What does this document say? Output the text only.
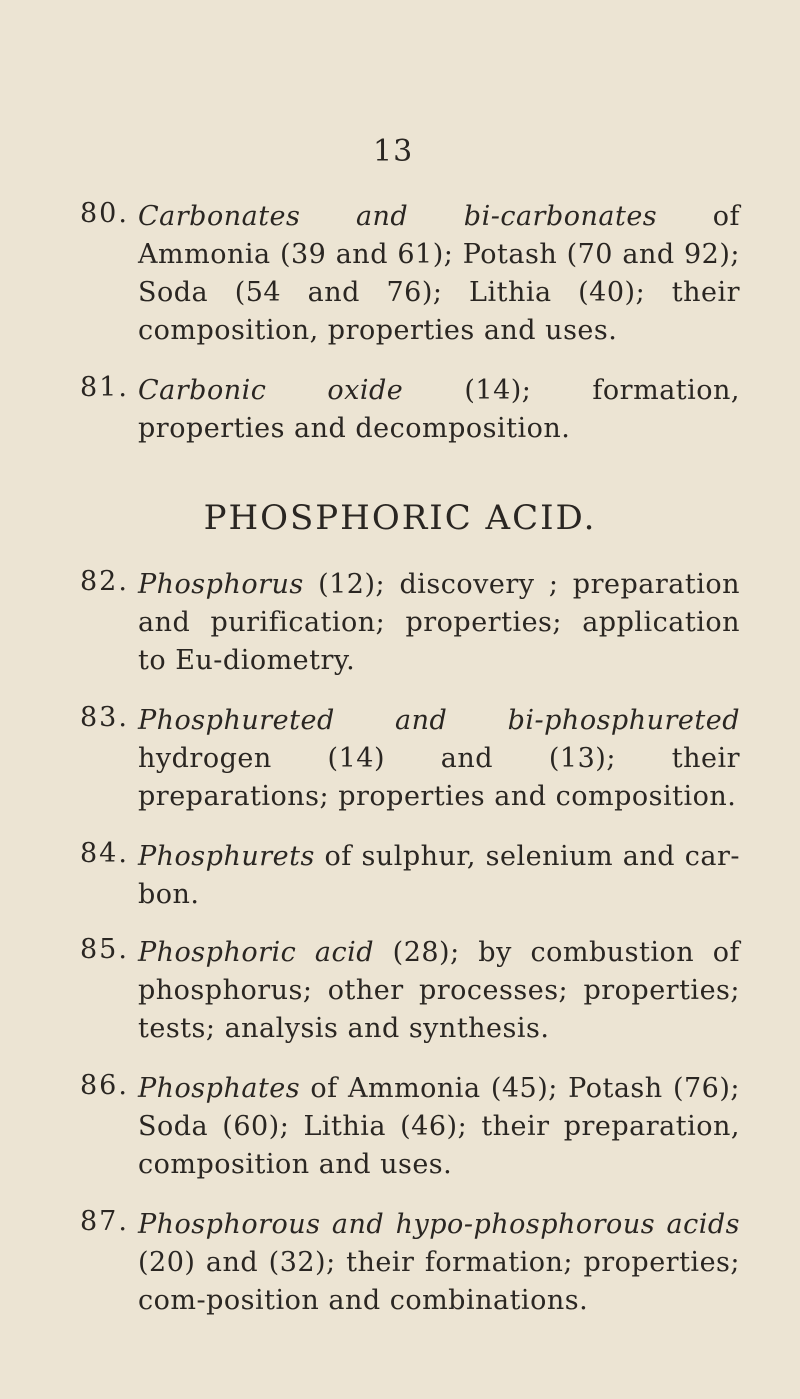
13
80. Carbonates and bi-carbonates of Ammonia (39 and 61); Potash (70 and 92); Soda (54 and 76); Lithia (40); their composition, properties and uses.
81. Carbonic oxide (14); formation, properties and decomposition.
PHOSPHORIC ACID.
82. Phosphorus (12); discovery ; preparation and purification; properties; application to Eu-diometry.
83. Phosphureted and bi-phosphureted hydrogen (14) and (13); their preparations; properties and composition.
84. Phosphurets of sulphur, selenium and car-bon.
85. Phosphoric acid (28); by combustion of phosphorus; other processes; properties; tests; analysis and synthesis.
86. Phosphates of Ammonia (45); Potash (76); Soda (60); Lithia (46); their preparation, composition and uses.
87. Phosphorous and hypo-phosphorous acids (20) and (32); their formation; properties; com-position and combinations.
